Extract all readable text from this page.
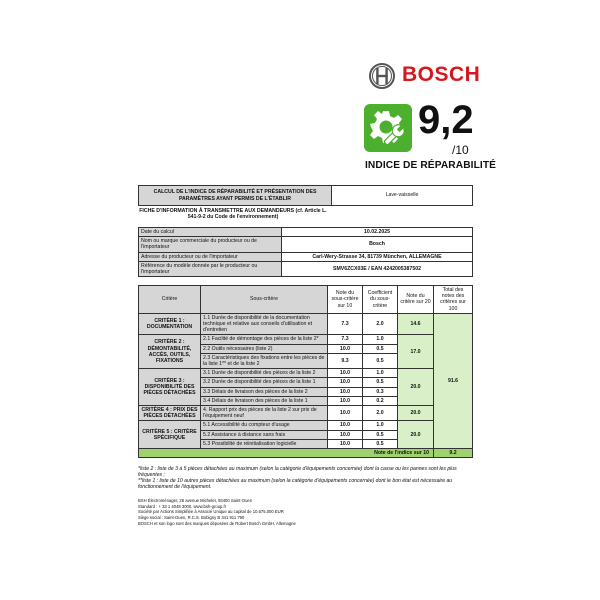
BOSCH
9,2
/10
INDICE DE RÉPARABILITÉ
CALCUL DE L'INDICE DE RÉPARABILITÉ ET PRÉSENTATION DES PARAMÈTRES AYANT PERMIS DE L'ÉTABLIR	Lave-vaisselle
FICHE D'INFORMATION À TRANSMETTRE AUX DEMANDEURS (cf. Article L. 541-9-2 du Code de l'environnement)
Date du calcul	10.02.2025
Nom ou marque commerciale du producteur ou de l'importateur	Bosch
Adresse du producteur ou de l'importateur	Carl-Wery-Strasse 34, 81739 München, ALLEMAGNE
Référence du modèle donnée par le producteur ou l'importateur	SMV6ZCX03E / EAN 4242005387502
Critère	Sous-critère	Note du sous-critère sur 10	Coefficient du sous-critère	Note du critère sur 20	Total des notes des critères sur 100
CRITÈRE 1 : DOCUMENTATION	1.1 Durée de disponibilité de la documentation technique et relative aux conseils d'utilisation et d'entretien	7.3	2.0	14.6	91.6
CRITÈRE 2 : DÉMONTABILITÉ, ACCÈS, OUTILS, FIXATIONS	2.1 Facilité de démontage des pièces de la liste 2*	7.3	1.0	17.0	
	2.2 Outils nécessaires (liste 2)	10.0	0.5		
	2.3 Caractéristiques des fixations entre les pièces de la liste 1** et de la liste 2	9.3	0.5		
CRITÈRE 3 : DISPONIBILITÉ DES PIÈCES DÉTACHÉES	3.1 Durée de disponibilité des pièces de la liste 2	10.0	1.0	20.0	
	3.2 Durée de disponibilité des pièces de la liste 1	10.0	0.5		
	3.3 Délais de livraison des pièces de la liste 2	10.0	0.3		
	3.4 Délais de livraison des pièces de la liste 1	10.0	0.2		
CRITÈRE 4 : PRIX DES PIÈCES DÉTACHÉES	4. Rapport prix des pièces de la liste 2 sur prix de l'équipement neuf	10.0	2.0	20.0	
CRITÈRE 5 : CRITÈRE SPÉCIFIQUE	5.1 Accessibilité du compteur d'usage	10.0	1.0	20.0	
	5.2 Assistance à distance sans frais	10.0	0.5		
	5.3 Possibilité de réinitialisation logicielle	10.0	0.5		
Note de l'indice sur 10					9.2
*liste 2 : liste de 3 à 5 pièces détachées au maximum (selon la catégorie d'équipements concernée) dont la casse ou les pannes sont les plus fréquentes ;
**liste 1 : liste de 10 autres pièces détachées au maximum (selon la catégorie d'équipements concernée) dont le bon état est nécessaire au fonctionnement de l'équipement.
BSH Électroménager, 26 avenue Michelet, 93400 Saint-Ouen
Standard : + 33 1 4048 3000, www.bsh-group.fr
Société par Actions Simplifiée à Associé Unique au capital de 10.675.000 EUR
Siège social : Saint-Ouen, R.C.S. Bobigny B 341 911 790
BOSCH et son logo sont des marques déposées de Robert Bosch GmbH, Allemagne
